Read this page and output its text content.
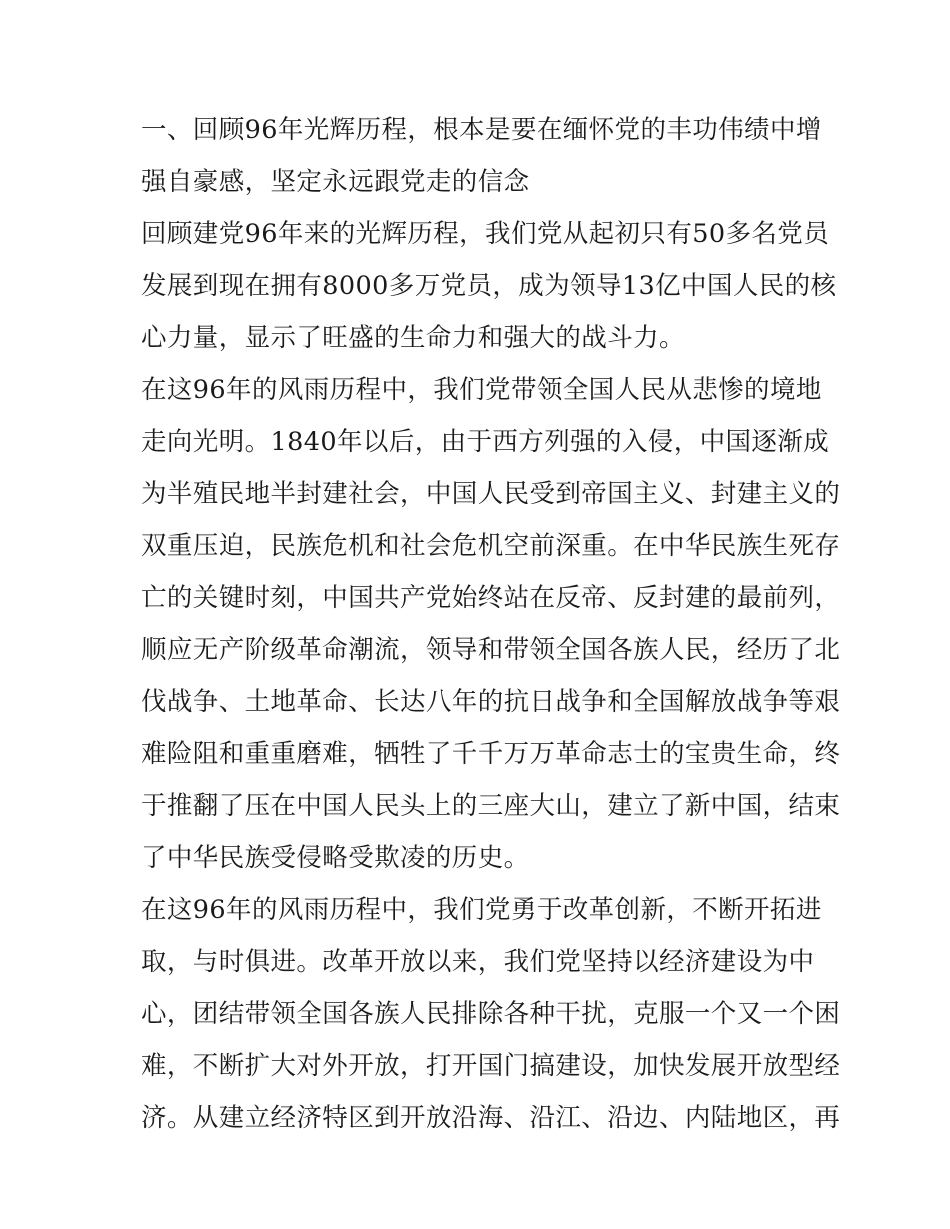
一、回顾96年光辉历程，根本是要在缅怀党的丰功伟绩中增
强自豪感，坚定永远跟党走的信念
回顾建党96年来的光辉历程，我们党从起初只有50多名党员
发展到现在拥有8000多万党员，成为领导13亿中国人民的核
心力量，显示了旺盛的生命力和强大的战斗力。
在这96年的风雨历程中，我们党带领全国人民从悲惨的境地
走向光明。1840年以后，由于西方列强的入侵，中国逐渐成
为半殖民地半封建社会，中国人民受到帝国主义、封建主义的
双重压迫，民族危机和社会危机空前深重。在中华民族生死存
亡的关键时刻，中国共产党始终站在反帝、反封建的最前列，
顺应无产阶级革命潮流，领导和带领全国各族人民，经历了北
伐战争、土地革命、长达八年的抗日战争和全国解放战争等艰
难险阻和重重磨难，牺牲了千千万万革命志士的宝贵生命，终
于推翻了压在中国人民头上的三座大山，建立了新中国，结束
了中华民族受侵略受欺凌的历史。
在这96年的风雨历程中，我们党勇于改革创新，不断开拓进
取，与时俱进。改革开放以来，我们党坚持以经济建设为中
心，团结带领全国各族人民排除各种干扰，克服一个又一个困
难，不断扩大对外开放，打开国门搞建设，加快发展开放型经
济。从建立经济特区到开放沿海、沿江、沿边、内陆地区，再
